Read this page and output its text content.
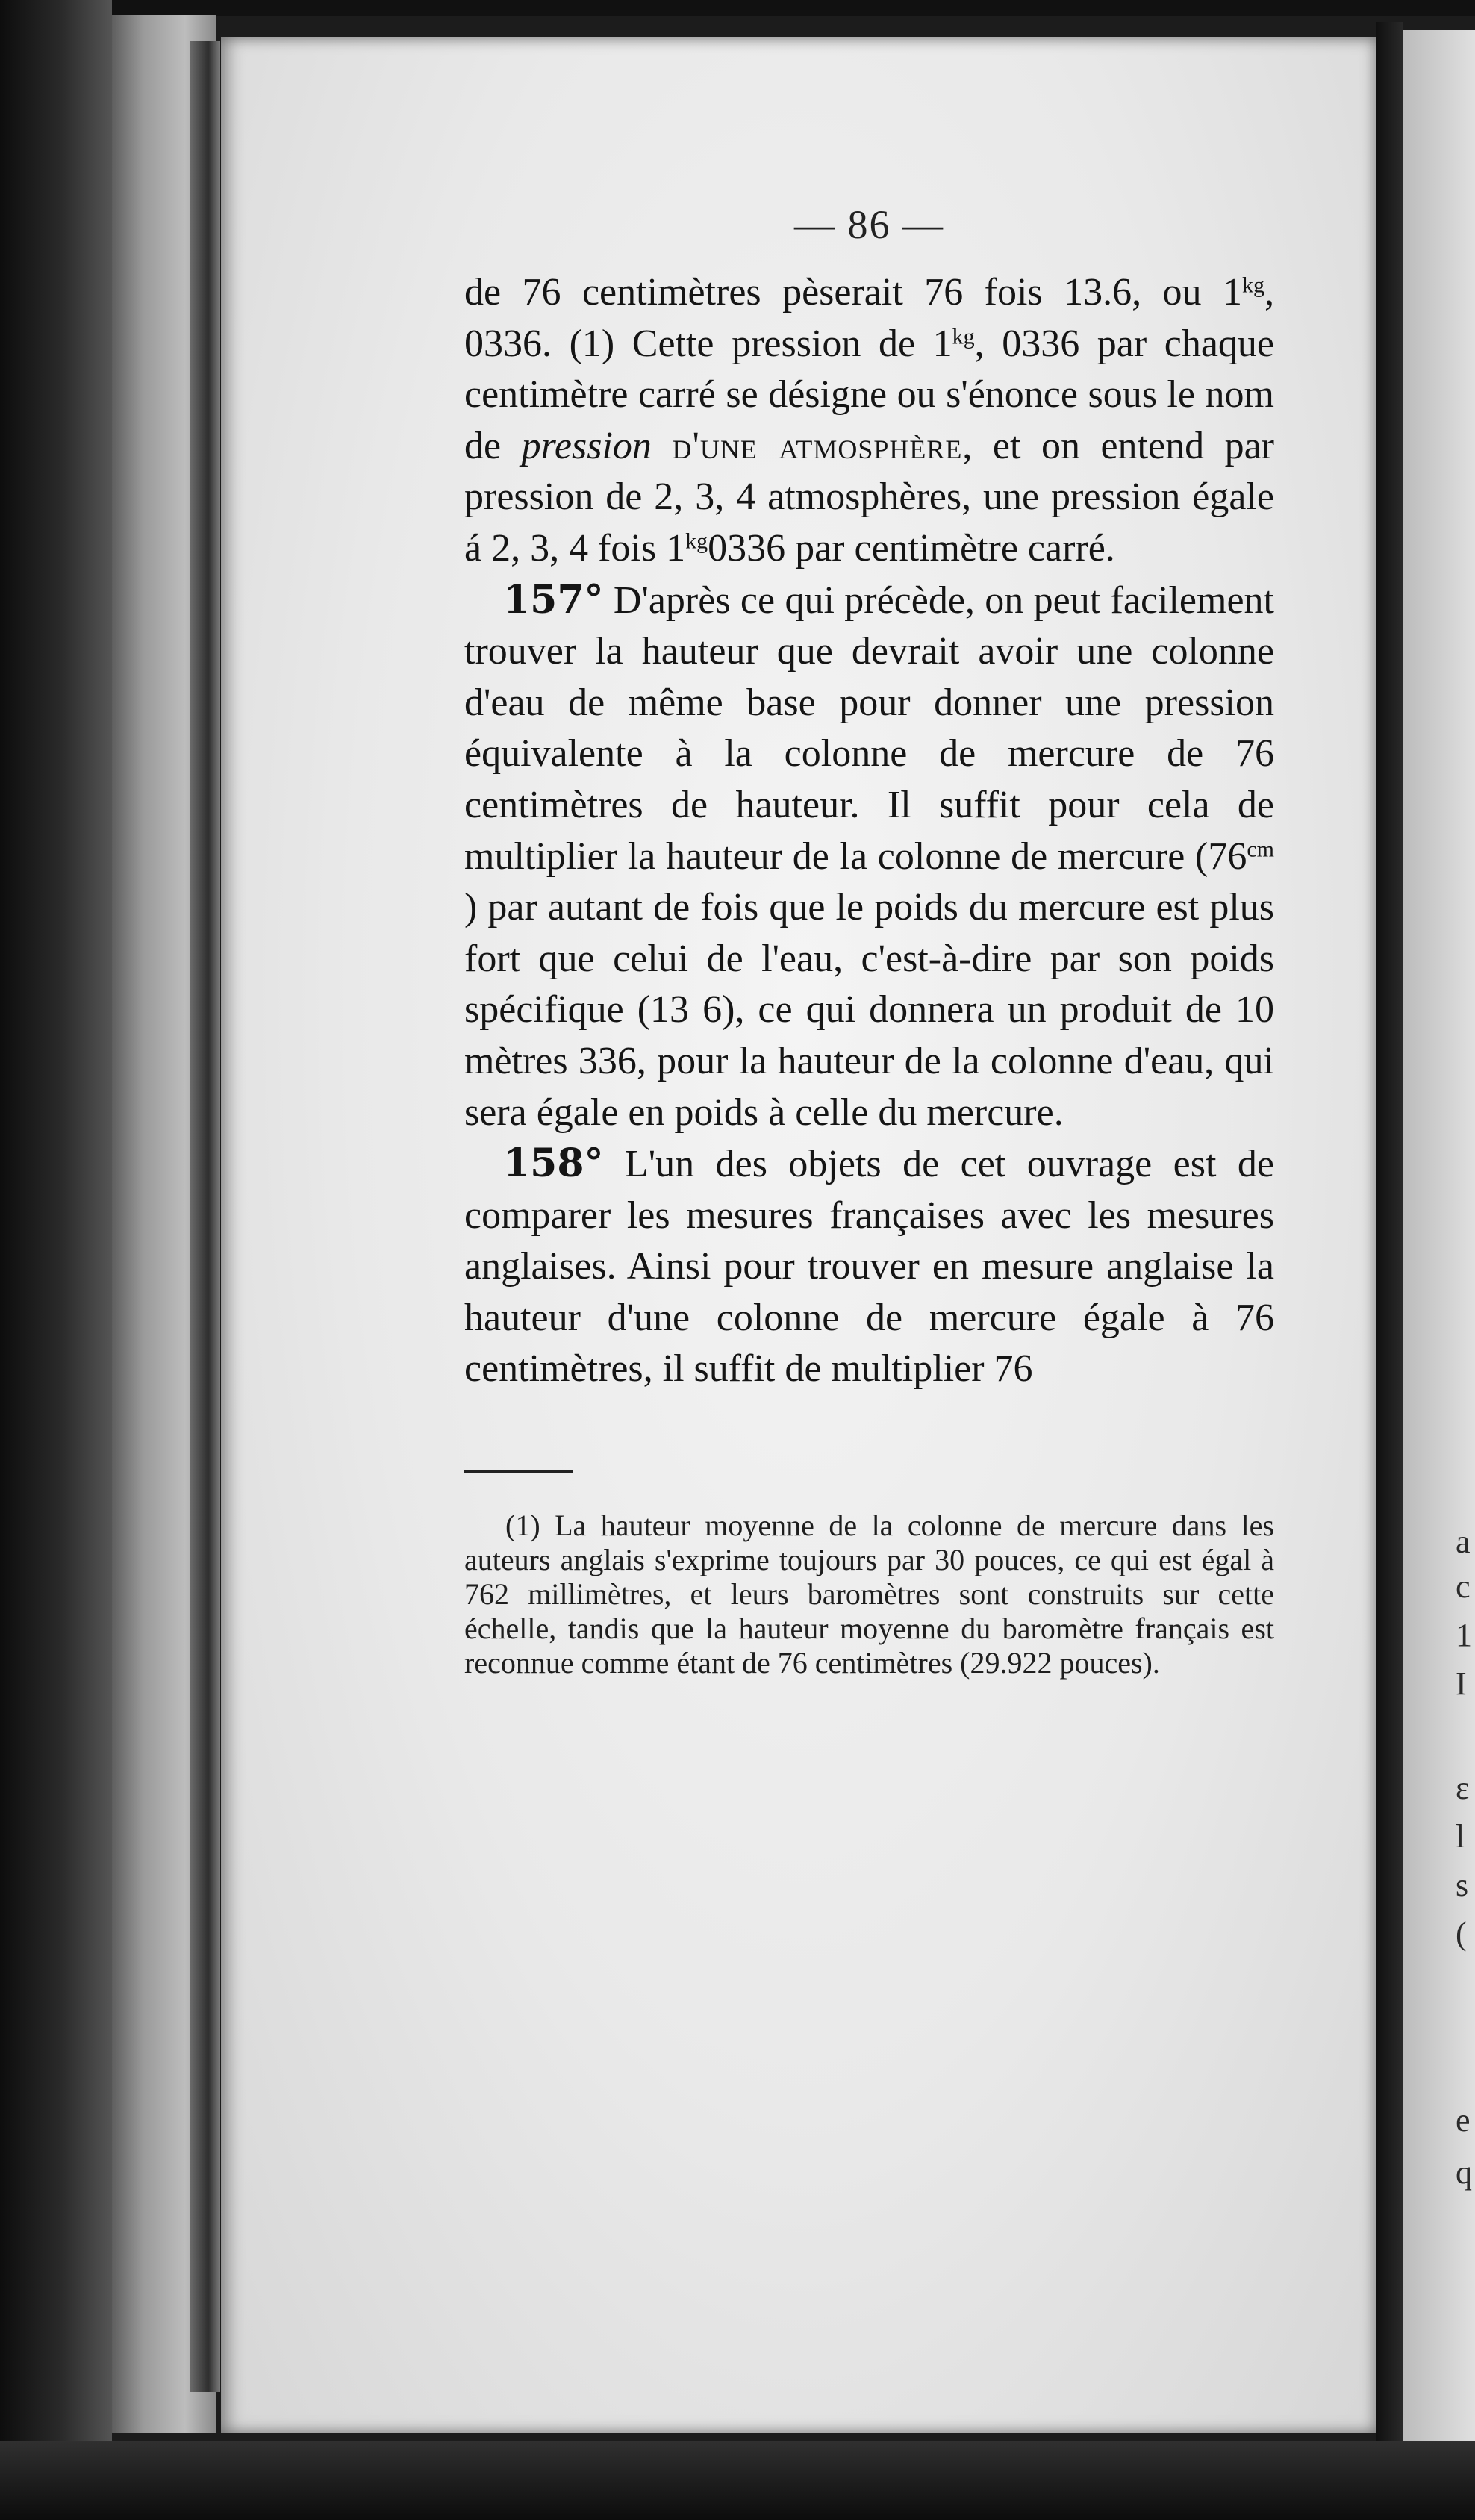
— 86 —

de 76 centimètres pèserait 76 fois 13.6, ou $1^{kg}$, 0336. (1) Cette pression de $1^{kg}$, 0336 par chaque centimètre carré se désigne ou s'énonce sous le nom de pression d'une atmosphère, et on entend par pression de 2, 3, 4 atmosphères, une pression égale á 2, 3, 4 fois $1^{kg}0336$ par centimètre carré.

157° D'après ce qui précède, on peut facilement trouver la hauteur que devrait avoir une colonne d'eau de même base pour donner une pression équivalente à la colonne de mercure de 76 centimètres de hauteur. Il suffit pour cela de multiplier la hauteur de la colonne de mercure ($76^{cm}$ ) par autant de fois que le poids du mercure est plus fort que celui de l'eau, c'est-à-dire par son poids spécifique (13 6), ce qui donnera un produit de 10 mètres 336, pour la hauteur de la colonne d'eau, qui sera égale en poids à celle du mercure.

158° L'un des objets de cet ouvrage est de comparer les mesures françaises avec les mesures anglaises. Ainsi pour trouver en mesure anglaise la hauteur d'une colonne de mercure égale à 76 centimètres, il suffit de multiplier 76

(1) La hauteur moyenne de la colonne de mercure dans les auteurs anglais s'exprime toujours par 30 pouces, ce qui est égal à 762 millimètres, et leurs baromètres sont construits sur cette échelle, tandis que la hauteur moyenne du baromètre français est reconnue comme étant de 76 centimètres (29.922 pouces).

a
c
1
I
ε
l
s
(
e
q
